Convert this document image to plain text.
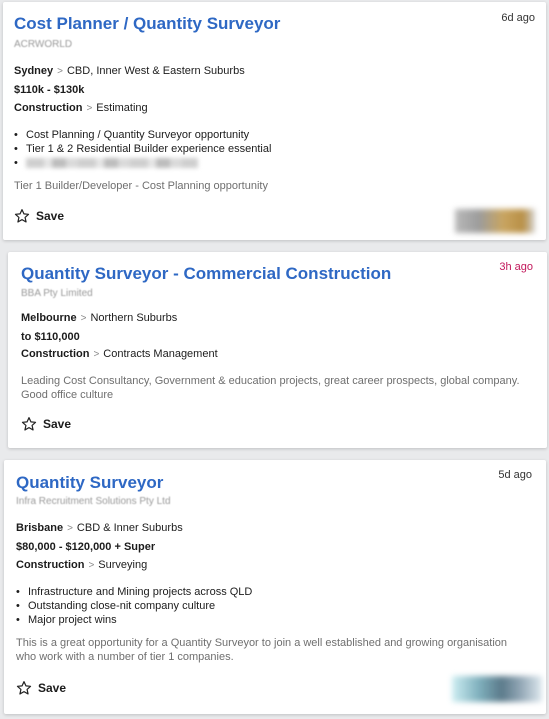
Cost Planner / Quantity Surveyor	6d ago
ACRWORLD
Sydney > CBD, Inner West & Eastern Suburbs
$110k - $130k
Construction > Estimating
• Cost Planning / Quantity Surveyor opportunity
• Tier 1 & 2 Residential Builder experience essential
•
Tier 1 Builder/Developer - Cost Planning opportunity
Save
Quantity Surveyor - Commercial Construction	3h ago
BBA Pty Limited
Melbourne > Northern Suburbs
to $110,000
Construction > Contracts Management
Leading Cost Consultancy, Government & education projects, great career prospects, global company. Good office culture
Save
Quantity Surveyor	5d ago
Infra Recruitment Solutions Pty Ltd
Brisbane > CBD & Inner Suburbs
$80,000 - $120,000 + Super
Construction > Surveying
• Infrastructure and Mining projects across QLD
• Outstanding close-nit company culture
• Major project wins
This is a great opportunity for a Quantity Surveyor to join a well established and growing organisation who work with a number of tier 1 companies.
Save
